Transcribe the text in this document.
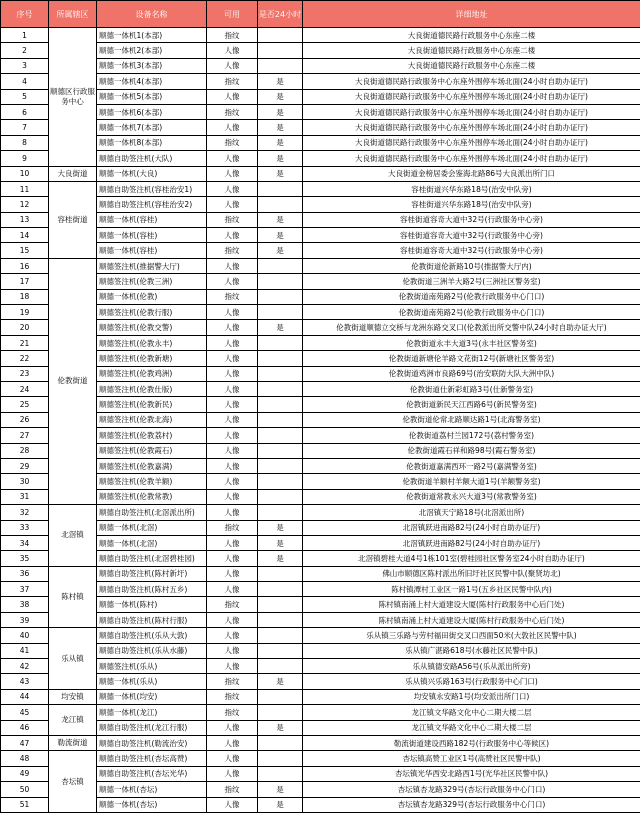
序号	所属辖区	设备名称	可用	是否24小时	详细地址
1	顺德区行政服务中心	顺德一体机1(本部)	指纹		大良街道德民路行政服务中心东座二楼
2		顺德一体机2(本部)	人像		大良街道德民路行政服务中心东座二楼
3		顺德一体机3(本部)	人像		大良街道德民路行政服务中心东座二楼
4		顺德一体机4(本部)	指纹	是	大良街道德民路行政服务中心东座外围停车场北面(24小时自助办证厅)
5		顺德一体机5(本部)	人像	是	大良街道德民路行政服务中心东座外围停车场北面(24小时自助办证厅)
6		顺德一体机6(本部)	指纹	是	大良街道德民路行政服务中心东座外围停车场北面(24小时自助办证厅)
7		顺德一体机7(本部)	人像	是	大良街道德民路行政服务中心东座外围停车场北面(24小时自助办证厅)
8		顺德一体机8(本部)	指纹	是	大良街道德民路行政服务中心东座外围停车场北面(24小时自助办证厅)
9		顺德自助签注机(大队)	人像	是	大良街道德民路行政服务中心东座外围停车场北面(24小时自助办证厅)
10	大良街道	顺德一体机(大良)	人像	是	大良街道金榜居委会鉴海北路86号大良派出所门口
11	容桂街道	顺德自助签注机(容桂治安1)	人像		容桂街道兴华东路18号(治安中队旁)
12		顺德自助签注机(容桂治安2)	人像		容桂街道兴华东路18号(治安中队旁)
13		顺德一体机(容桂)	指纹	是	容桂街道容奇大道中32号(行政服务中心旁)
14		顺德一体机(容桂)	人像	是	容桂街道容奇大道中32号(行政服务中心旁)
15		顺德一体机(容桂)	指纹	是	容桂街道容奇大道中32号(行政服务中心旁)
16	伦教街道	顺德签注机(推据警大厅)	人像		伦教街道伦新路10号(推据警大厅内)
17		顺德签注机(伦教三洲)	人像		伦教街道三洲羊大路2号(三洲社区警务室)
18		顺德一体机(伦教)	指纹		伦教街道南苑路2号(伦教行政服务中心门口)
19		顺德签注机(伦教行服)	人像		伦教街道南苑路2号(伦教行政服务中心门口)
20		顺德签注机(伦教交警)	人像	是	伦教街道顺德立交桥与龙洲东路交叉口(伦教派出所交警中队24小时自助办证大厅)
21		顺德签注机(伦教永丰)	人像		伦教街道永丰大道3号(永丰社区警务室)
22		顺德签注机(伦教新塘)	人像		伦教街道新塘伦羊路文花街12号(新塘社区警务室)
23		顺德签注机(伦教鸡洲)	人像		伦教街道鸡洲市良路69号(治安联防大队大洲中队)
24		顺德签注机(伦教仕版)	人像		伦教街道仕新彩虹路3号(仕新警务室)
25		顺德签注机(伦教新民)	人像		伦教街道新民天江西路6号(新民警务室)
26		顺德签注机(伦教北海)	人像		伦教街道伦常北路顺达路1号(北海警务室)
27		顺德签注机(伦教荔村)	人像		伦教街道荔村兰园172号(荔村警务室)
28		顺德签注机(伦教霞石)	人像		伦教街道霞石祥和路98号(霞石警务室)
29		顺德签注机(伦教嘉满)	人像		伦教街道嘉满西环一路2号(嘉满警务室)
30		顺德签注机(伦教羊额)	人像		伦教街道羊额村羊额大道1号(羊额警务室)
31		顺德签注机(伦教常教)	人像		伦教街道常教永兴大道3号(常教警务室)
32	北滘镇	顺德自助签注机(北滘派出所)	人像		北滘镇天宁路18号(北滘派出所)
33		顺德一体机(北滘)	指纹	是	北滘镇跃进南路82号(24小时自助办证厅)
34		顺德一体机(北滘)	人像	是	北滘镇跃进南路82号(24小时自助办证厅)
35		顺德自助签注机(北滘碧桂园)	人像	是	北滘镇碧桂大道4号1栋101室(碧桂园社区警务室24小时自助办证厅)
36	陈村镇	顺德自助签注机(陈村新圩)	人像		佛山市顺德区陈村派出所旧圩社区民警中队(聚贤坊北)
37		顺德自助签注机(陈村五乡)	人像		陈村镇潭村工业区一路1号(五乡社区民警中队内)
38		顺德一体机(陈村)	指纹		陈村镇南涌上村大道建设大厦(陈村行政服务中心后门处)
39		顺德自助签注机(陈村行服)	人像		陈村镇南涌上村大道建设大厦(陈村行政服务中心后门处)
40	乐从镇	顺德自助签注机(乐从大敦)	人像		乐从镇三乐路与劳村福田街交叉口西面50米(大敦社区民警中队)
41		顺德自助签注机(乐从水藤)	人像		乐从镇广湛路618号(水藤社区民警中队)
42		顺德签注机(乐从)	人像		乐从镇德安路A56号(乐从派出所旁)
43		顺德一体机(乐从)	指纹	是	乐从镇兴乐路163号(行政服务中心门口)
44	均安镇	顺德一体机(均安)	指纹		均安镇永安路1号(均安派出所门口)
45	龙江镇	顺德一体机(龙江)	指纹		龙江镇文华路文化中心二期大楼二层
46		顺德自助签注机(龙江行服)	人像	是	龙江镇文华路文化中心二期大楼二层
47	勒流街道	顺德自助签注机(勒流治安)	人像		勒流街道建设西路182号(行政服务中心等候区)
48	杏坛镇	顺德自助签注机(杏坛高赞)	人像		杏坛镇高赞工业区1号(高赞社区民警中队)
49		顺德自助签注机(杏坛光华)	人像		杏坛镇光华西安北路西1号(光华社区民警中队)
50		顺德一体机(杏坛)	指纹	是	杏坛镇杏龙路329号(杏坛行政服务中心门口)
51		顺德一体机(杏坛)	人像	是	杏坛镇杏龙路329号(杏坛行政服务中心门口)
